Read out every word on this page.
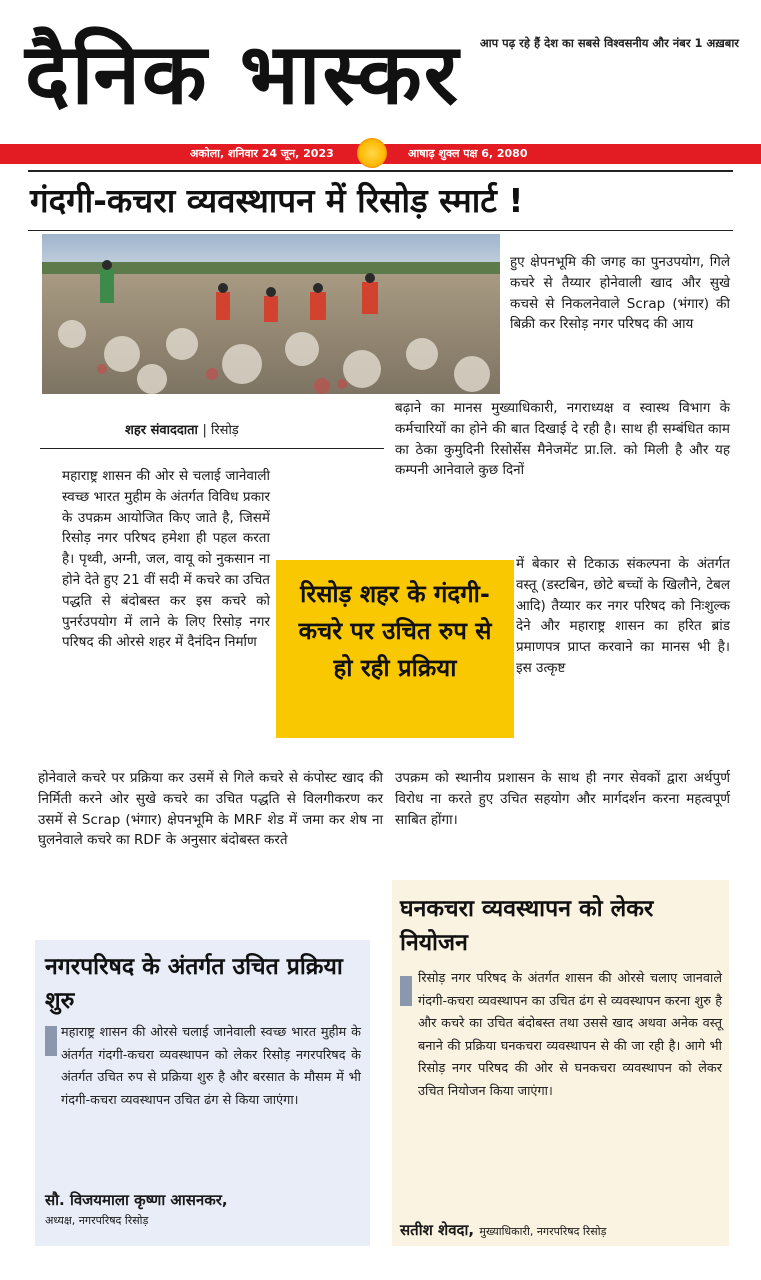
आप पढ़ रहे हैं देश का सबसे विश्वसनीय और नंबर 1 अख़बार
दैनिक भास्कर
अकोला, शनिवार 24 जून, 2023	आषाढ़ शुक्ल पक्ष 6, 2080
गंदगी-कचरा व्यवस्थापन में रिसोड़ स्मार्ट !
शहर संवाददाता | रिसोड़

हुए क्षेपनभूमि की जगह का पुनउपयोग, गिले कचरे से तैय्यार होनेवाली खाद और सुखे कचसे से निकलनेवाले Scrap (भंगार) की बिक्री कर रिसोड़ नगर परिषद की आय

बढ़ाने का मानस मुख्याधिकारी, नगराध्यक्ष व स्वास्थ विभाग के कर्मचारियों का होने की बात दिखाई दे रही है। साथ ही सम्बंधित काम का ठेका कुमुदिनी रिसोर्सेस मैनेजमेंट प्रा.लि. को मिली है और यह कम्पनी आनेवाले कुछ दिनों

में बेकार से टिकाऊ संकल्पना के अंतर्गत वस्तू (डस्टबिन, छोटे बच्चों के खिलौने, टेबल आदि) तैय्यार कर नगर परिषद को निःशुल्क देने और महाराष्ट्र शासन का हरित ब्रांड प्रमाणपत्र प्राप्त करवाने का मानस भी है। इस उत्कृष्ट

उपक्रम को स्थानीय प्रशासन के साथ ही नगर सेवकों द्वारा अर्थपुर्ण विरोध ना करते हुए उचित सहयोग और मार्गदर्शन करना महत्वपूर्ण साबित होंगा।

महाराष्ट्र शासन की ओर से चलाई जानेवाली स्वच्छ भारत मुहीम के अंतर्गत विविध प्रकार के उपक्रम आयोजित किए जाते है, जिसमें रिसोड़ नगर परिषद हमेशा ही पहल करता है। पृथ्वी, अग्नी, जल, वायू को नुकसान ना होने देते हुए 21 वीं सदी में कचरे का उचित पद्धति से बंदोबस्त कर इस कचरे को पुनर्रउपयोग में लाने के लिए रिसोड़ नगर परिषद की ओरसे शहर में दैनंदिन निर्माण

होनेवाले कचरे पर प्रक्रिया कर उसमें से गिले कचरे से कंपोस्ट खाद की निर्मिती करने ओर सुखे कचरे का उचित पद्धति से विलगीकरण कर उसमें से Scrap (भंगार) क्षेपनभूमि के MRF शेड में जमा कर शेष ना घुलनेवाले कचरे का RDF के अनुसार बंदोबस्त करते

रिसोड़ शहर के गंदगी-कचरे पर उचित रुप से हो रही प्रक्रिया
नगरपरिषद के अंतर्गत उचित प्रक्रिया शुरु
महाराष्ट्र शासन की ओरसे चलाई जानेवाली स्वच्छ भारत मुहीम के अंतर्गत गंदगी-कचरा व्यवस्थापन को लेकर रिसोड़ नगरपरिषद के अंतर्गत उचित रुप से प्रक्रिया शुरु है और बरसात के मौसम में भी गंदगी-कचरा व्यवस्थापन उचित ढंग से किया जाएंगा।
सौ. विजयमाला कृष्णा आसनकर,
अध्यक्ष, नगरपरिषद रिसोड़
घनकचरा व्यवस्थापन को लेकर नियोजन
रिसोड़ नगर परिषद के अंतर्गत शासन की ओरसे चलाए जानवाले गंदगी-कचरा व्यवस्थापन का उचित ढंग से व्यवस्थापन करना शुरु है और कचरे का उचित बंदोबस्त तथा उससे खाद अथवा अनेक वस्तू बनाने की प्रक्रिया घनकचरा व्यवस्थापन से की जा रही है। आगे भी रिसोड़ नगर परिषद की ओर से घनकचरा व्यवस्थापन को लेकर उचित नियोजन किया जाएंगा।
सतीश शेवदा, मुख्याधिकारी, नगरपरिषद रिसोड़
